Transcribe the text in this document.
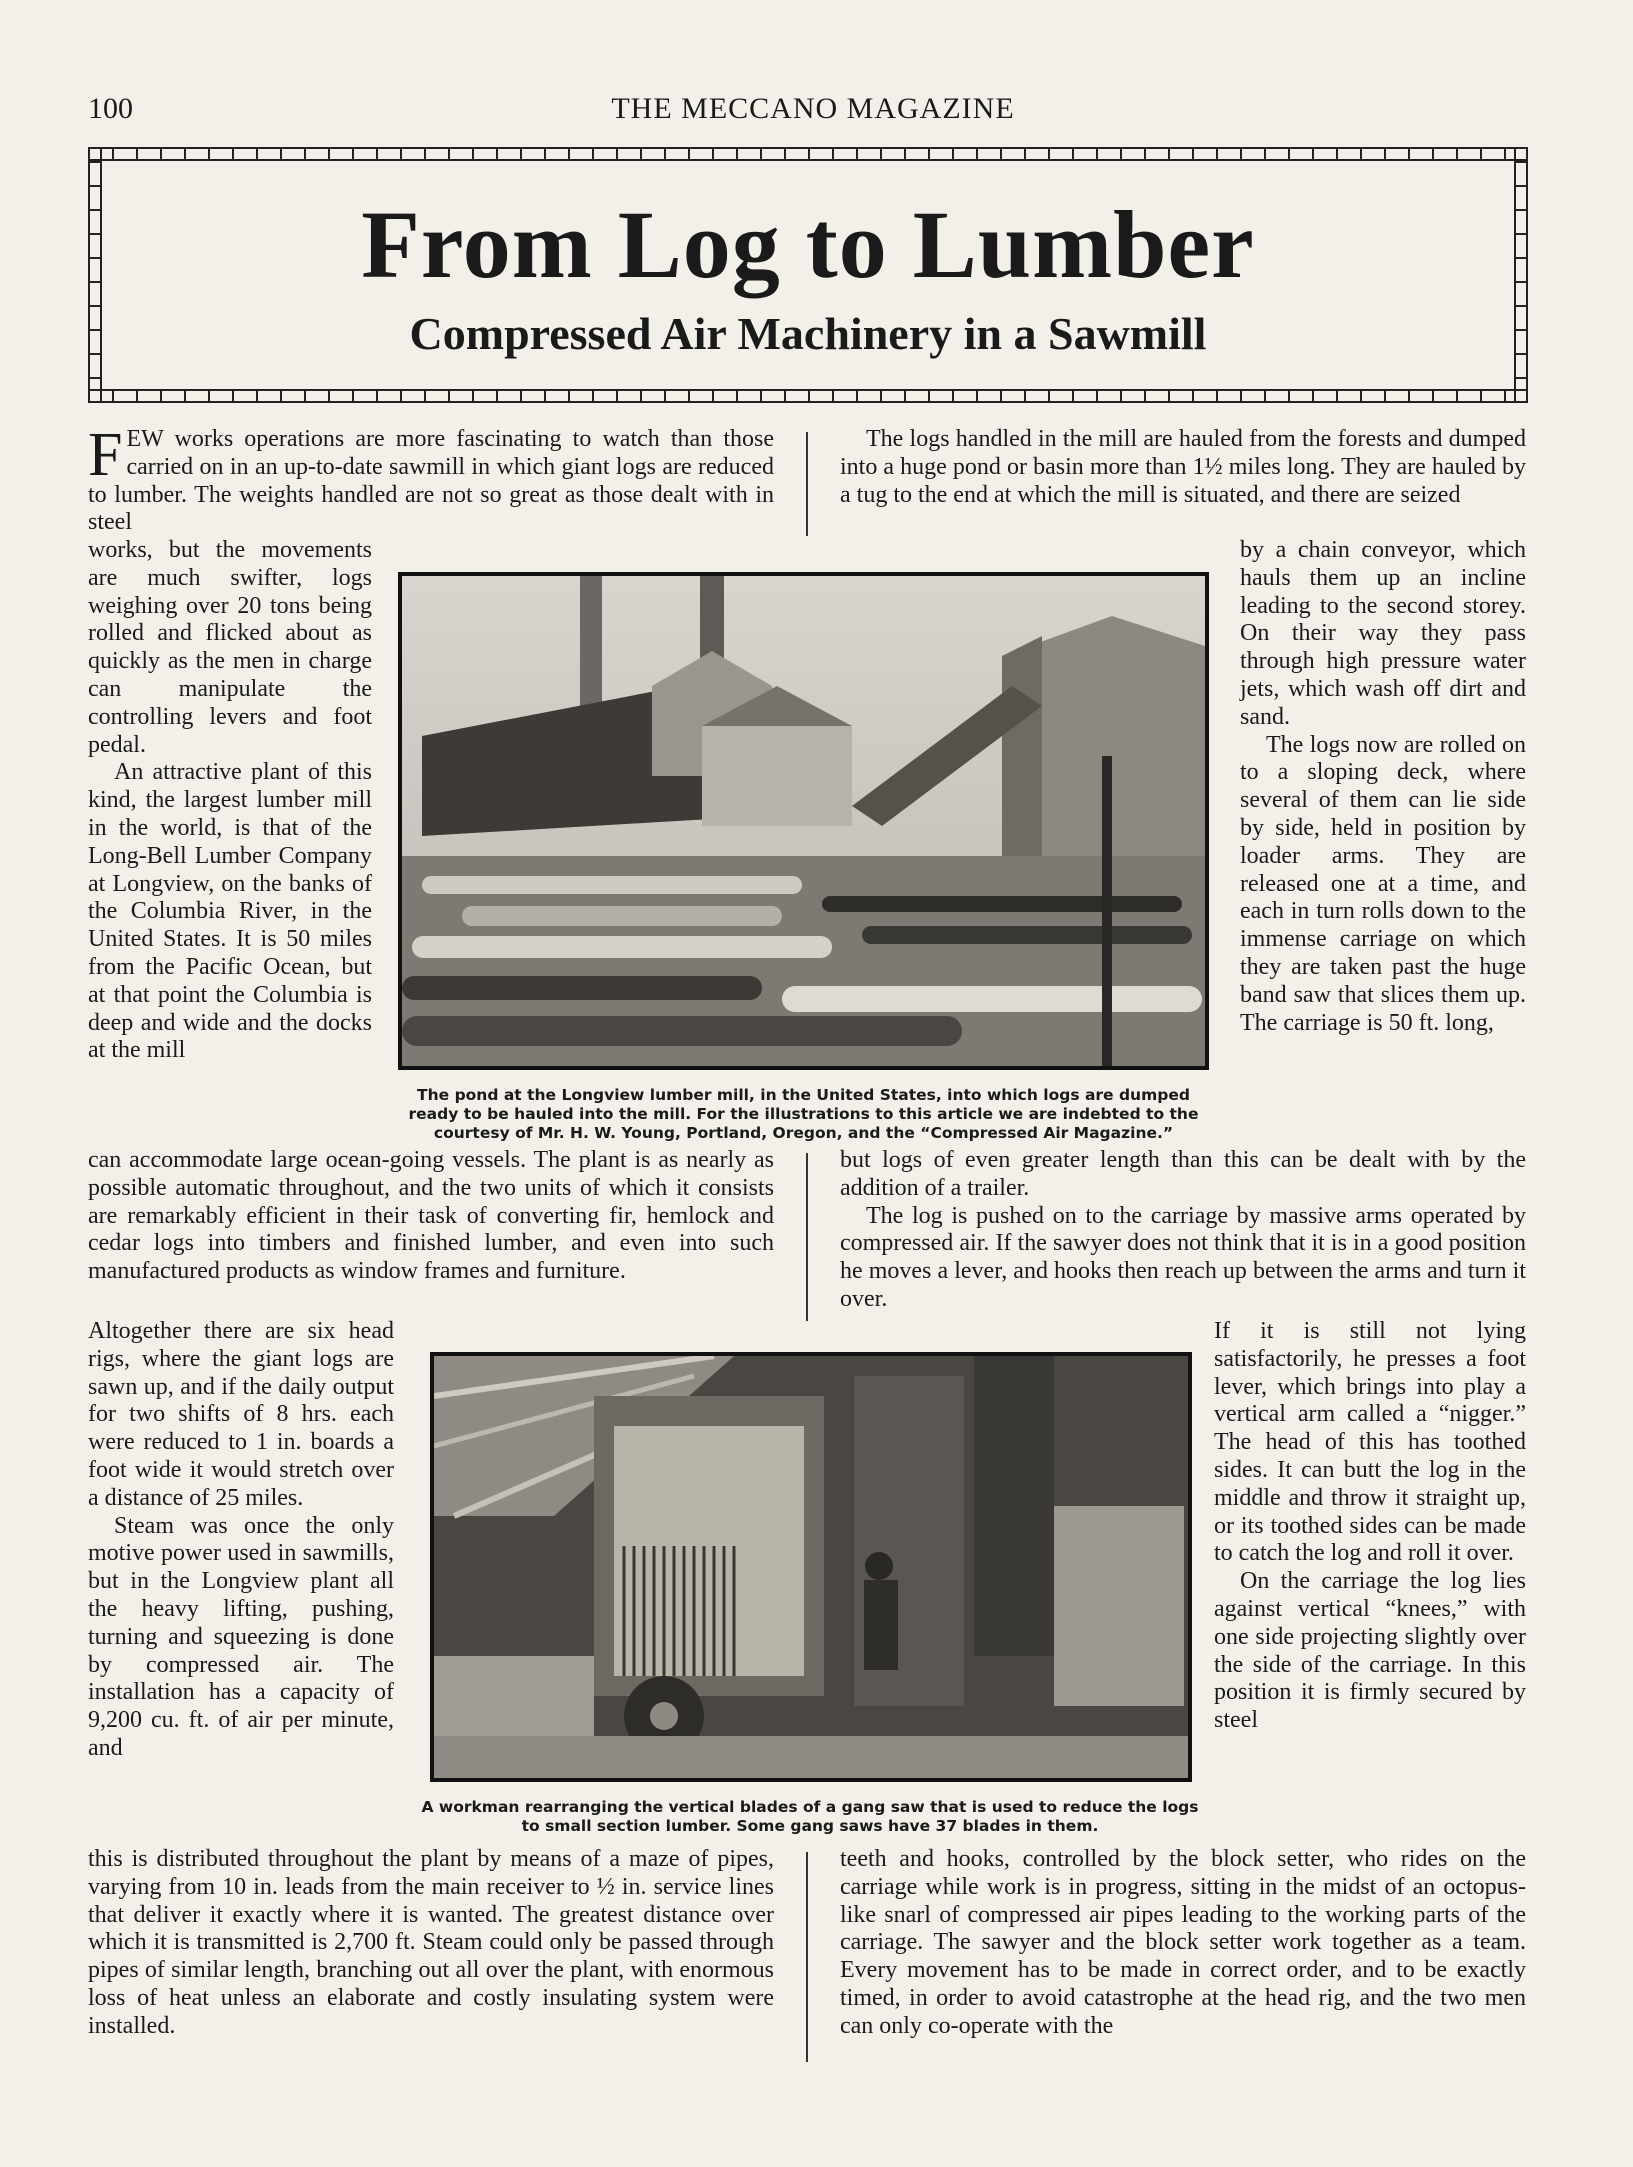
100	THE MECCANO MAGAZINE
From Log to Lumber
Compressed Air Machinery in a Sawmill

FEW works operations are more fascinating to watch than those carried on in an up-to-date sawmill in which giant logs are reduced to lumber. The weights handled are not so great as those dealt with in steel

The logs handled in the mill are hauled from the forests and dumped into a huge pond or basin more than 1½ miles long. They are hauled by a tug to the end at which the mill is situated, and there are seized

works, but the movements are much swifter, logs weighing over 20 tons being rolled and flicked about as quickly as the men in charge can manipulate the controlling levers and foot pedal.

An attractive plant of this kind, the largest lumber mill in the world, is that of the Long-Bell Lumber Company at Longview, on the banks of the Columbia River, in the United States. It is 50 miles from the Pacific Ocean, but at that point the Columbia is deep and wide and the docks at the mill

The pond at the Longview lumber mill, in the United States, into which logs are dumped ready to be hauled into the mill. For the illustrations to this article we are indebted to the courtesy of Mr. H. W. Young, Portland, Oregon, and the “Compressed Air Magazine.”

by a chain conveyor, which hauls them up an incline leading to the second storey. On their way they pass through high pressure water jets, which wash off dirt and sand.

The logs now are rolled on to a sloping deck, where several of them can lie side by side, held in position by loader arms. They are released one at a time, and each in turn rolls down to the immense carriage on which they are taken past the huge band saw that slices them up. The carriage is 50 ft. long,

can accommodate large ocean-going vessels. The plant is as nearly as possible automatic throughout, and the two units of which it consists are remarkably efficient in their task of converting fir, hemlock and cedar logs into timbers and finished lumber, and even into such manufactured products as window frames and furniture.

but logs of even greater length than this can be dealt with by the addition of a trailer.

The log is pushed on to the carriage by massive arms operated by compressed air. If the sawyer does not think that it is in a good position he moves a lever, and hooks then reach up between the arms and turn it over.

Altogether there are six head rigs, where the giant logs are sawn up, and if the daily output for two shifts of 8 hrs. each were reduced to 1 in. boards a foot wide it would stretch over a distance of 25 miles.

Steam was once the only motive power used in sawmills, but in the Longview plant all the heavy lifting, pushing, turning and squeezing is done by compressed air. The installation has a capacity of 9,200 cu. ft. of air per minute, and

A workman rearranging the vertical blades of a gang saw that is used to reduce the logs to small section lumber. Some gang saws have 37 blades in them.

If it is still not lying satisfactorily, he presses a foot lever, which brings into play a vertical arm called a “nigger.” The head of this has toothed sides. It can butt the log in the middle and throw it straight up, or its toothed sides can be made to catch the log and roll it over.

On the carriage the log lies against vertical “knees,” with one side projecting slightly over the side of the carriage. In this position it is firmly secured by steel

this is distributed throughout the plant by means of a maze of pipes, varying from 10 in. leads from the main receiver to ½ in. service lines that deliver it exactly where it is wanted. The greatest distance over which it is transmitted is 2,700 ft. Steam could only be passed through pipes of similar length, branching out all over the plant, with enormous loss of heat unless an elaborate and costly insulating system were installed.

teeth and hooks, controlled by the block setter, who rides on the carriage while work is in progress, sitting in the midst of an octopus-like snarl of compressed air pipes leading to the working parts of the carriage. The sawyer and the block setter work together as a team. Every movement has to be made in correct order, and to be exactly timed, in order to avoid catastrophe at the head rig, and the two men can only co-operate with the
